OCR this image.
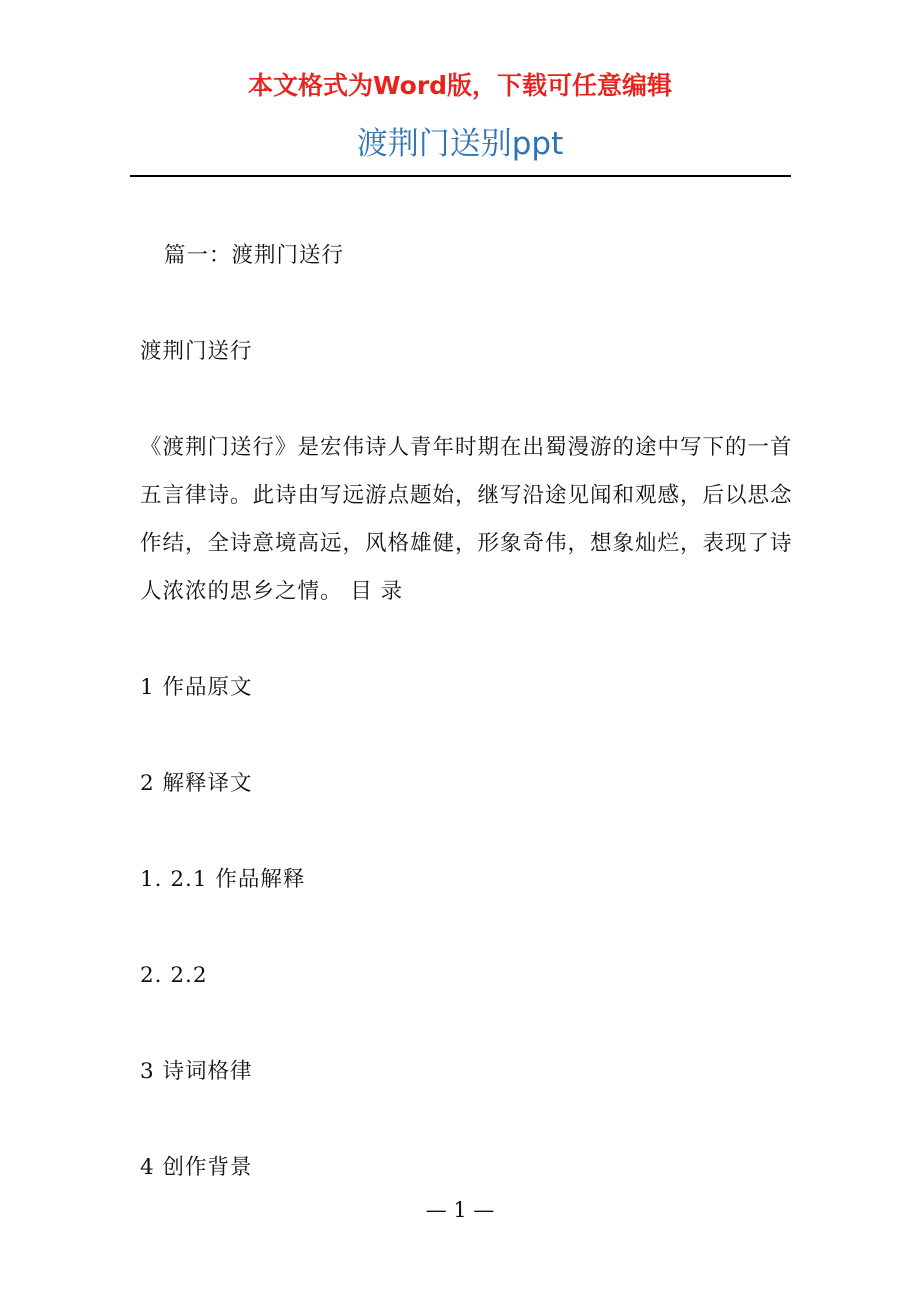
本文格式为Word版，下载可任意编辑
渡荆门送别ppt

篇一：渡荆门送行

渡荆门送行

《渡荆门送行》是宏伟诗人青年时期在出蜀漫游的途中写下的一首五言律诗。此诗由写远游点题始，继写沿途见闻和观感，后以思念作结，全诗意境高远，风格雄健，形象奇伟，想象灿烂，表现了诗人浓浓的思乡之情。 目 录

1 作品原文

2 解释译文

1. 2.1 作品解释

2. 2.2

3 诗词格律

4 创作背景

— 1 —
